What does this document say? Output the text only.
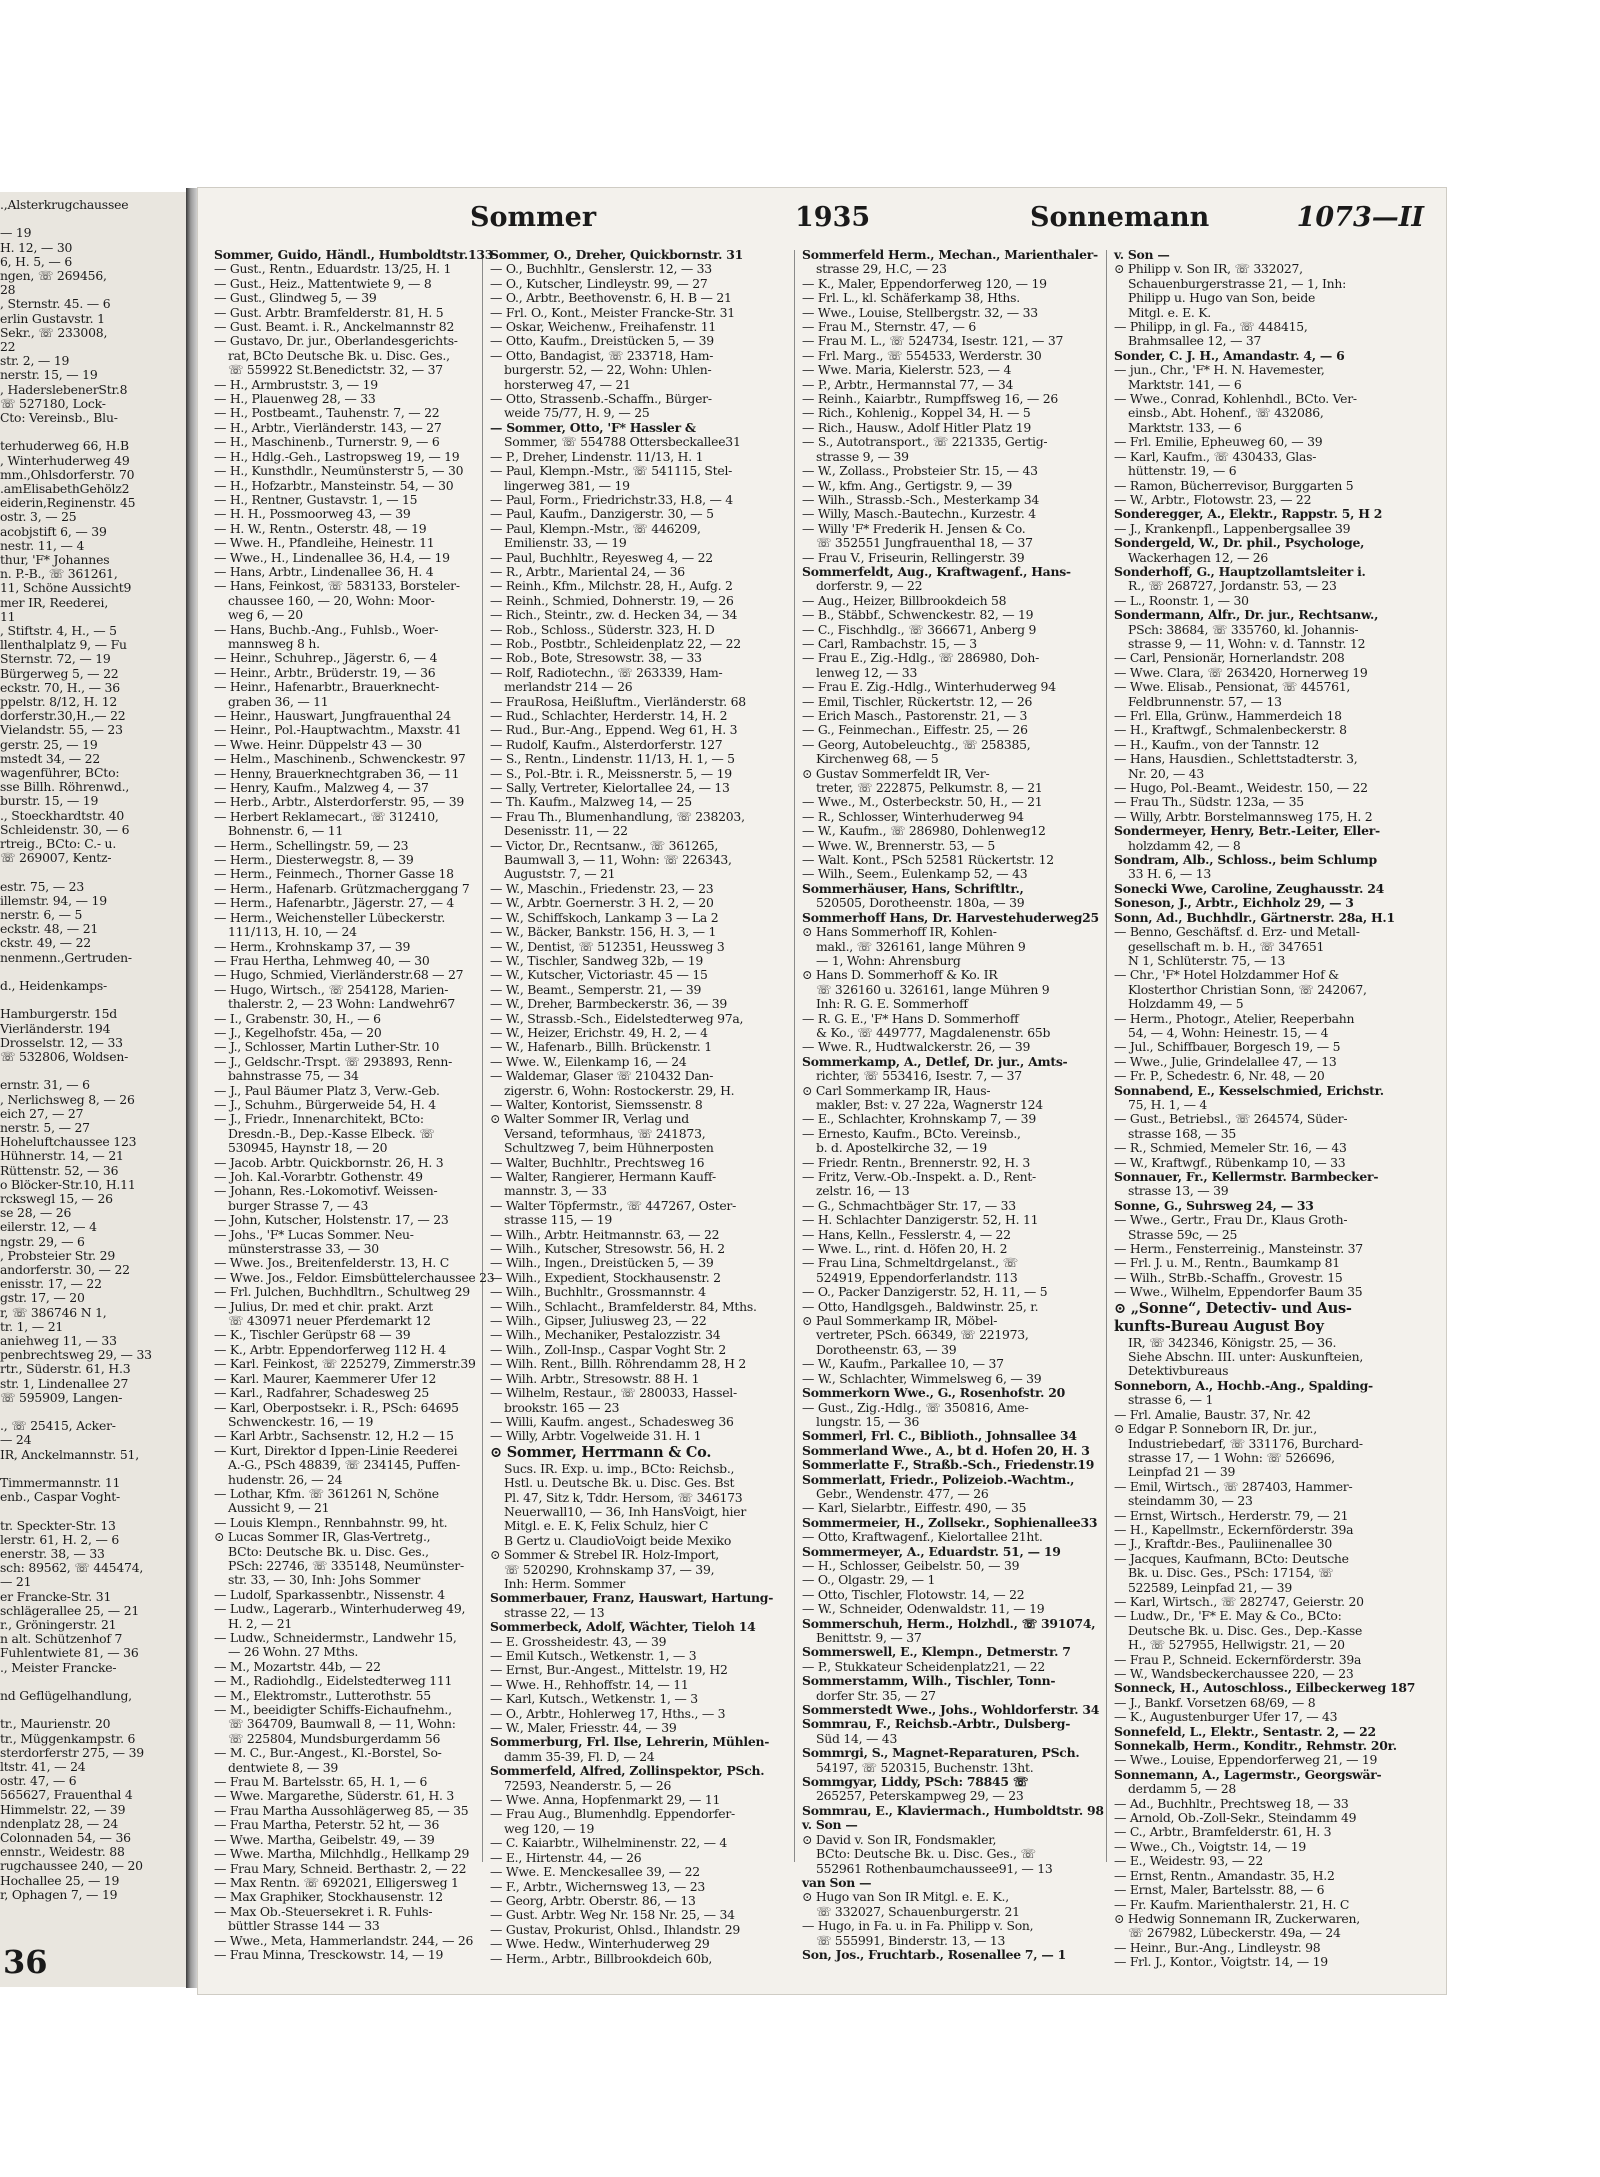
36
.,Alsterkrugchaussee
— 19
H. 12, — 30
6, H. 5, — 6
ngen, ☏ 269456,
28
, Sternstr. 45. — 6
erlin Gustavstr. 1
Sekr., ☏ 233008,
22
str. 2, — 19
nerstr. 15, — 19
, HaderslebenerStr.8
☏ 527180, Lock-
Cto: Vereinsb., Blu-
terhuderweg 66, H.B
, Winterhuderweg 49
mm.,Ohlsdorferstr. 70
.amElisabethGehölz2
eiderin,Reginenstr. 45
ostr. 3, — 25
acobjstift 6, — 39
nestr. 11, — 4
thur, 'F* Johannes
n. P.-B., ☏ 361261,
11, Schöne Aussicht9
mer IR, Reederei,
11
, Stiftstr. 4, H., — 5
llenthalplatz 9, — Fu
Sternstr. 72, — 19
Bürgerweg 5, — 22
eckstr. 70, H., — 36
ppelstr. 8/12, H. 12
dorferstr.30,H.,— 22
Vielandstr. 55, — 23
gerstr. 25, — 19
mstedt 34, — 22
wagenführer, BCto:
sse Billh. Röhrenwd.,
burstr. 15, — 19
., Stoeckhardtstr. 40
Schleidenstr. 30, — 6
rtreig., BCto: C.- u.
☏ 269007, Kentz-
estr. 75, — 23
illemstr. 94, — 19
nerstr. 6, — 5
eckstr. 48, — 21
ckstr. 49, — 22
nenmenn.,Gertruden-
d., Heidenkamps-
Hamburgerstr. 15d
Vierländerstr. 194
Drosselstr. 12, — 33
☏ 532806, Woldsen-
ernstr. 31, — 6
, Nerlichsweg 8, — 26
eich 27, — 27
nerstr. 5, — 27
Hoheluftchaussee 123
Hühnerstr. 14, — 21
Rüttenstr. 52, — 36
o Blöcker-Str.10, H.11
rckswegl 15, — 26
se 28, — 26
eilerstr. 12, — 4
ngstr. 29, — 6
, Probsteier Str. 29
andorferstr. 30, — 22
enisstr. 17, — 22
gstr. 17, — 20
r, ☏ 386746 N 1,
tr. 1, — 21
aniehweg 11, — 33
penbrechtsweg 29, — 33
rtr., Süderstr. 61, H.3
str. 1, Lindenallee 27
☏ 595909, Langen-
., ☏ 25415, Acker-
— 24
IR, Anckelmannstr. 51,
Timmermannstr. 11
enb., Caspar Voght-
tr. Speckter-Str. 13
lerstr. 61, H. 2, — 6
enerstr. 38, — 33
sch: 89562, ☏ 445474,
— 21
er Francke-Str. 31
schlägerallee 25, — 21
r., Gröningerstr. 21
n alt. Schützenhof 7
Fuhlentwiete 81, — 36
., Meister Francke-
nd Geflügelhandlung,
tr., Maurienstr. 20
tr., Müggenkampstr. 6
sterdorferstr 275, — 39
ltstr. 41, — 24
ostr. 47, — 6
565627, Frauenthal 4
Himmelstr. 22, — 39
ndenplatz 28, — 24
Colonnaden 54, — 36
ennstr., Weidestr. 88
rugchaussee 240, — 20
Hochallee 25, — 19
r, Ophagen 7, — 19
Sommer	1935	Sonnemann	1073—II
Sommer, Guido, Händl., Humboldtstr.133
— Gust., Rentn., Eduardstr. 13/25, H. 1
— Gust., Heiz., Mattentwiete 9, — 8
— Gust., Glindweg 5, — 39
— Gust. Arbtr. Bramfelderstr. 81, H. 5
— Gust. Beamt. i. R., Anckelmannstr 82
— Gustavo, Dr. jur., Oberlandesgerichts-
rat, BCto Deutsche Bk. u. Disc. Ges.,
☏ 559922 St.Benedictstr. 32, — 37
— H., Armbruststr. 3, — 19
— H., Plauenweg 28, — 33
— H., Postbeamt., Tauhenstr. 7, — 22
— H., Arbtr., Vierländerstr. 143, — 27
— H., Maschinenb., Turnerstr. 9, — 6
— H., Hdlg.-Geh., Lastropsweg 19, — 19
— H., Kunsthdlr., Neumünsterstr 5, — 30
— H., Hofzarbtr., Mansteinstr. 54, — 30
— H., Rentner, Gustavstr. 1, — 15
— H. H., Possmoorweg 43, — 39
— H. W., Rentn., Osterstr. 48, — 19
— Wwe. H., Pfandleihe, Heinestr. 11
— Wwe., H., Lindenallee 36, H.4, — 19
— Hans, Arbtr., Lindenallee 36, H. 4
— Hans, Feinkost, ☏ 583133, Borsteler-
chaussee 160, — 20, Wohn: Moor-
weg 6, — 20
— Hans, Buchb.-Ang., Fuhlsb., Woer-
mannsweg 8 h.
— Heinr., Schuhrep., Jägerstr. 6, — 4
— Heinr., Arbtr., Brüderstr. 19, — 36
— Heinr., Hafenarbtr., Brauerknecht-
graben 36, — 11
— Heinr., Hauswart, Jungfrauenthal 24
— Heinr., Pol.-Hauptwachtm., Maxstr. 41
— Wwe. Heinr. Düppelstr 43 — 30
— Helm., Maschinenb., Schwenckestr. 97
— Henny, Brauerknechtgraben 36, — 11
— Henry, Kaufm., Malzweg 4, — 37
— Herb., Arbtr., Alsterdorferstr. 95, — 39
— Herbert Reklamecart., ☏ 312410,
Bohnenstr. 6, — 11
— Herm., Schellingstr. 59, — 23
— Herm., Diesterwegstr. 8, — 39
— Herm., Feinmech., Thorner Gasse 18
— Herm., Hafenarb. Grützmacherggang 7
— Herm., Hafenarbtr., Jägerstr. 27, — 4
— Herm., Weichensteller Lübeckerstr.
111/113, H. 10, — 24
— Herm., Krohnskamp 37, — 39
— Frau Hertha, Lehmweg 40, — 30
— Hugo, Schmied, Vierländerstr.68 — 27
— Hugo, Wirtsch., ☏ 254128, Marien-
thalerstr. 2, — 23 Wohn: Landwehr67
— I., Grabenstr. 30, H., — 6
— J., Kegelhofstr. 45a, — 20
— J., Schlosser, Martin Luther-Str. 10
— J., Geldschr.-Trspt. ☏ 293893, Renn-
bahnstrasse 75, — 34
— J., Paul Bäumer Platz 3, Verw.-Geb.
— J., Schuhm., Bürgerweide 54, H. 4
— J., Friedr., Innenarchitekt, BCto:
Dresdn.-B., Dep.-Kasse Elbeck. ☏
530945, Haynstr 18, — 20
— Jacob. Arbtr. Quickbornstr. 26, H. 3
— Joh. Kal.-Vorarbtr. Gothenstr. 49
— Johann, Res.-Lokomotivf. Weissen-
burger Strasse 7, — 43
— John, Kutscher, Holstenstr. 17, — 23
— Johs., 'F* Lucas Sommer. Neu-
münsterstrasse 33, — 30
— Wwe. Jos., Breitenfelderstr. 13, H. C
— Wwe. Jos., Feldor. Eimsbüttelerchaussee 23
— Frl. Julchen, Buchhdltrn., Schultweg 29
— Julius, Dr. med et chir. prakt. Arzt
☏ 430971 neuer Pferdemarkt 12
— K., Tischler Gerüpstr 68 — 39
— K., Arbtr. Eppendorferweg 112 H. 4
— Karl. Feinkost, ☏ 225279, Zimmerstr.39
— Karl. Maurer, Kaemmerer Ufer 12
— Karl., Radfahrer, Schadesweg 25
— Karl, Oberpostsekr. i. R., PSch: 64695
Schwenckestr. 16, — 19
— Karl Arbtr., Sachsenstr. 12, H.2 — 15
— Kurt, Direktor d Ippen-Linie Reederei
A.-G., PSch 48839, ☏ 234145, Puffen-
hudenstr. 26, — 24
— Lothar, Kfm. ☏ 361261 N, Schöne
Aussicht 9, — 21
— Louis Klempn., Rennbahnstr. 99, ht.
⊙ Lucas Sommer IR, Glas-Vertretg.,
BCto: Deutsche Bk. u. Disc. Ges.,
PSch: 22746, ☏ 335148, Neumünster-
str. 33, — 30, Inh: Johs Sommer
— Ludolf, Sparkassenbtr., Nissenstr. 4
— Ludw., Lagerarb., Winterhuderweg 49,
H. 2, — 21
— Ludw., Schneidermstr., Landwehr 15,
— 26 Wohn. 27 Mths.
— M., Mozartstr. 44b, — 22
— M., Radiohdlg., Eidelstedterweg 111
— M., Elektromstr., Lutterothstr. 55
— M., beeidigter Schiffs-Eichaufnehm.,
☏ 364709, Baumwall 8, — 11, Wohn:
☏ 225804, Mundsburgerdamm 56
— M. C., Bur.-Angest., Kl.-Borstel, So-
dentwiete 8, — 39
— Frau M. Bartelsstr. 65, H. 1, — 6
— Wwe. Margarethe, Süderstr. 61, H. 3
— Frau Martha Aussohlägerweg 85, — 35
— Frau Martha, Peterstr. 52 ht, — 36
— Wwe. Martha, Geibelstr. 49, — 39
— Wwe. Martha, Milchhdlg., Hellkamp 29
— Frau Mary, Schneid. Berthastr. 2, — 22
— Max Rentn. ☏ 692021, Elligersweg 1
— Max Graphiker, Stockhausenstr. 12
— Max Ob.-Steuersekret i. R. Fuhls-
büttler Strasse 144 — 33
— Wwe., Meta, Hammerlandstr. 244, — 26
— Frau Minna, Tresckowstr. 14, — 19
Sommer, O., Dreher, Quickbornstr. 31
— O., Buchhltr., Genslerstr. 12, — 33
— O., Kutscher, Lindleystr. 99, — 27
— O., Arbtr., Beethovenstr. 6, H. B — 21
— Frl. O., Kont., Meister Francke-Str. 31
— Oskar, Weichenw., Freihafenstr. 11
— Otto, Kaufm., Dreistücken 5, — 39
— Otto, Bandagist, ☏ 233718, Ham-
burgerstr. 52, — 22, Wohn: Uhlen-
horsterweg 47, — 21
— Otto, Strassenb.-Schaffn., Bürger-
weide 75/77, H. 9, — 25
— Sommer, Otto, 'F* Hassler &
Sommer, ☏ 554788 Ottersbeckallee31
— P., Dreher, Lindenstr. 11/13, H. 1
— Paul, Klempn.-Mstr., ☏ 541115, Stel-
lingerweg 381, — 19
— Paul, Form., Friedrichstr.33, H.8, — 4
— Paul, Kaufm., Danzigerstr. 30, — 5
— Paul, Klempn.-Mstr., ☏ 446209,
Emilienstr. 33, — 19
— Paul, Buchhltr., Reyesweg 4, — 22
— R., Arbtr., Mariental 24, — 36
— Reinh., Kfm., Milchstr. 28, H., Aufg. 2
— Reinh., Schmied, Dohnerstr. 19, — 26
— Rich., Steintr., zw. d. Hecken 34, — 34
— Rob., Schloss., Süderstr. 323, H. D
— Rob., Postbtr., Schleidenplatz 22, — 22
— Rob., Bote, Stresowstr. 38, — 33
— Rolf, Radiotechn., ☏ 263339, Ham-
merlandstr 214 — 26
— FrauRosa, Heißluftm., Vierländerstr. 68
— Rud., Schlachter, Herderstr. 14, H. 2
— Rud., Bur.-Ang., Eppend. Weg 61, H. 3
— Rudolf, Kaufm., Alsterdorferstr. 127
— S., Rentn., Lindenstr. 11/13, H. 1, — 5
— S., Pol.-Btr. i. R., Meissnerstr. 5, — 19
— Sally, Vertreter, Kielortallee 24, — 13
— Th. Kaufm., Malzweg 14, — 25
— Frau Th., Blumenhandlung, ☏ 238203,
Desenisstr. 11, — 22
— Victor, Dr., Recntsanw., ☏ 361265,
Baumwall 3, — 11, Wohn: ☏ 226343,
Auguststr. 7, — 21
— W., Maschin., Friedenstr. 23, — 23
— W., Arbtr. Goernerstr. 3 H. 2, — 20
— W., Schiffskoch, Lankamp 3 — La 2
— W., Bäcker, Bankstr. 156, H. 3, — 1
— W., Dentist, ☏ 512351, Heussweg 3
— W., Tischler, Sandweg 32b, — 19
— W., Kutscher, Victoriastr. 45 — 15
— W., Beamt., Semperstr. 21, — 39
— W., Dreher, Barmbeckerstr. 36, — 39
— W., Strassb.-Sch., Eidelstedterweg 97a,
— W., Heizer, Erichstr. 49, H. 2, — 4
— W., Hafenarb., Billh. Brückenstr. 1
— Wwe. W., Eilenkamp 16, — 24
— Waldemar, Glaser ☏ 210432 Dan-
zigerstr. 6, Wohn: Rostockerstr. 29, H.
— Walter, Kontorist, Siemssenstr. 8
⊙ Walter Sommer IR, Verlag und
Versand, teformhaus, ☏ 241873,
Schultzweg 7, beim Hühnerposten
— Walter, Buchhltr., Prechtsweg 16
— Walter, Rangierer, Hermann Kauff-
mannstr. 3, — 33
— Walter Töpfermstr., ☏ 447267, Oster-
strasse 115, — 19
— Wilh., Arbtr. Heitmannstr. 63, — 22
— Wilh., Kutscher, Stresowstr. 56, H. 2
— Wilh., Ingen., Dreistücken 5, — 39
— Wilh., Expedient, Stockhausenstr. 2
— Wilh., Buchhltr., Grossmannstr. 4
— Wilh., Schlacht., Bramfelderstr. 84, Mths.
— Wilh., Gipser, Juliusweg 23, — 22
— Wilh., Mechaniker, Pestalozzistr. 34
— Wilh., Zoll-Insp., Caspar Voght Str. 2
— Wilh. Rent., Billh. Röhrendamm 28, H 2
— Wilh. Arbtr., Stresowstr. 88 H. 1
— Wilhelm, Restaur., ☏ 280033, Hassel-
brookstr. 165 — 23
— Willi, Kaufm. angest., Schadesweg 36
— Willy, Arbtr. Vogelweide 31. H. 1
⊙ Sommer, Herrmann & Co.
Sucs. IR. Exp. u. imp., BCto: Reichsb.,
Hstl. u. Deutsche Bk. u. Disc. Ges. Bst
Pl. 47, Sitz k, Tddr. Hersom, ☏ 346173
Neuerwall10, — 36, Inh HansVoigt, hier
Mitgl. e. E. K, Felix Schulz, hier C
B Gertz u. ClaudioVoigt beide Mexiko
⊙ Sommer & Strebel IR. Holz-Import,
☏ 520290, Krohnskamp 37, — 39,
Inh: Herm. Sommer
Sommerbauer, Franz, Hauswart, Hartung-
strasse 22, — 13
Sommerbeck, Adolf, Wächter, Tieloh 14
— E. Grossheidestr. 43, — 39
— Emil Kutsch., Wetkenstr. 1, — 3
— Ernst, Bur.-Angest., Mittelstr. 19, H2
— Wwe. H., Rehhoffstr. 14, — 11
— Karl, Kutsch., Wetkenstr. 1, — 3
— O., Arbtr., Hohlerweg 17, Hths., — 3
— W., Maler, Friesstr. 44, — 39
Sommerburg, Frl. Ilse, Lehrerin, Mühlen-
damm 35-39, Fl. D, — 24
Sommerfeld, Alfred, Zollinspektor, PSch.
72593, Neanderstr. 5, — 26
— Wwe. Anna, Hopfenmarkt 29, — 11
— Frau Aug., Blumenhdlg. Eppendorfer-
weg 120, — 19
— C. Kaiarbtr., Wilhelminenstr. 22, — 4
— E., Hirtenstr. 44, — 26
— Wwe. E. Menckesallee 39, — 22
— F., Arbtr., Wichernsweg 13, — 23
— Georg, Arbtr. Oberstr. 86, — 13
— Gust. Arbtr. Weg Nr. 158 Nr. 25, — 34
— Gustav, Prokurist, Ohlsd., Ihlandstr. 29
— Wwe. Hedw., Winterhuderweg 29
— Herm., Arbtr., Billbrookdeich 60b,
Sommerfeld Herm., Mechan., Marienthaler-
strasse 29, H.C, — 23
— K., Maler, Eppendorferweg 120, — 19
— Frl. L., kl. Schäferkamp 38, Hths.
— Wwe., Louise, Stellbergstr. 32, — 33
— Frau M., Sternstr. 47, — 6
— Frau M. L., ☏ 524734, Isestr. 121, — 37
— Frl. Marg., ☏ 554533, Werderstr. 30
— Wwe. Maria, Kielerstr. 523, — 4
— P., Arbtr., Hermannstal 77, — 34
— Reinh., Kaiarbtr., Rumpffsweg 16, — 26
— Rich., Kohlenig., Koppel 34, H. — 5
— Rich., Hausw., Adolf Hitler Platz 19
— S., Autotransport., ☏ 221335, Gertig-
strasse 9, — 39
— W., Zollass., Probsteier Str. 15, — 43
— W., kfm. Ang., Gertigstr. 9, — 39
— Wilh., Strassb.-Sch., Mesterkamp 34
— Willy, Masch.-Bautechn., Kurzestr. 4
— Willy 'F* Frederik H. Jensen & Co.
☏ 352551 Jungfrauenthal 18, — 37
— Frau V., Friseurin, Rellingerstr. 39
Sommerfeldt, Aug., Kraftwagenf., Hans-
dorferstr. 9, — 22
— Aug., Heizer, Billbrookdeich 58
— B., Stäbbf., Schwenckestr. 82, — 19
— C., Fischhdlg., ☏ 366671, Anberg 9
— Carl, Rambachstr. 15, — 3
— Frau E., Zig.-Hdlg., ☏ 286980, Doh-
lenweg 12, — 33
— Frau E. Zig.-Hdlg., Winterhuderweg 94
— Emil, Tischler, Rückertstr. 12, — 26
— Erich Masch., Pastorenstr. 21, — 3
— G., Feinmechan., Eiffestr. 25, — 26
— Georg, Autobeleuchtg., ☏ 258385,
Kirchenweg 68, — 5
⊙ Gustav Sommerfeldt IR, Ver-
treter, ☏ 222875, Pelkumstr. 8, — 21
— Wwe., M., Osterbeckstr. 50, H., — 21
— R., Schlosser, Winterhuderweg 94
— W., Kaufm., ☏ 286980, Dohlenweg12
— Wwe. W., Brennerstr. 53, — 5
— Walt. Kont., PSch 52581 Rückertstr. 12
— Wilh., Seem., Eulenkamp 52, — 43
Sommerhäuser, Hans, Schriftltr.,
520505, Dorotheenstr. 180a, — 39
Sommerhoff Hans, Dr. Harvestehuderweg25
⊙ Hans Sommerhoff IR, Kohlen-
makl., ☏ 326161, lange Mühren 9
— 1, Wohn: Ahrensburg
⊙ Hans D. Sommerhoff & Ko. IR
☏ 326160 u. 326161, lange Mühren 9
Inh: R. G. E. Sommerhoff
— R. G. E., 'F* Hans D. Sommerhoff
& Ko., ☏ 449777, Magdalenenstr. 65b
— Wwe. R., Hudtwalckerstr. 26, — 39
Sommerkamp, A., Detlef, Dr. jur., Amts-
richter, ☏ 553416, Isestr. 7, — 37
⊙ Carl Sommerkamp IR, Haus-
makler, Bst: v. 27 22a, Wagnerstr 124
— E., Schlachter, Krohnskamp 7, — 39
— Ernesto, Kaufm., BCto. Vereinsb.,
b. d. Apostelkirche 32, — 19
— Friedr. Rentn., Brennerstr. 92, H. 3
— Fritz, Verw.-Ob.-Inspekt. a. D., Rent-
zelstr. 16, — 13
— G., Schmachtbäger Str. 17, — 33
— H. Schlachter Danzigerstr. 52, H. 11
— Hans, Kelln., Fesslerstr. 4, — 22
— Wwe. L., rint. d. Höfen 20, H. 2
— Frau Lina, Schmeltdrgelanst., ☏
524919, Eppendorferlandstr. 113
— O., Packer Danzigerstr. 52, H. 11, — 5
— Otto, Handlgsgeh., Baldwinstr. 25, r.
⊙ Paul Sommerkamp IR, Möbel-
vertreter, PSch. 66349, ☏ 221973,
Dorotheenstr. 63, — 39
— W., Kaufm., Parkallee 10, — 37
— W., Schlachter, Wimmelsweg 6, — 39
Sommerkorn Wwe., G., Rosenhofstr. 20
— Gust., Zig.-Hdlg., ☏ 350816, Ame-
lungstr. 15, — 36
Sommerl, Frl. C., Biblioth., Johnsallee 34
Sommerland Wwe., A., bt d. Hofen 20, H. 3
Sommerlatte F., Straßb.-Sch., Friedenstr.19
Sommerlatt, Friedr., Polizeiob.-Wachtm.,
Gebr., Wendenstr. 477, — 26
— Karl, Sielarbtr., Eiffestr. 490, — 35
Sommermeier, H., Zollsekr., Sophienallee33
— Otto, Kraftwagenf., Kielortallee 21ht.
Sommermeyer, A., Eduardstr. 51, — 19
— H., Schlosser, Geibelstr. 50, — 39
— O., Olgastr. 29, — 1
— Otto, Tischler, Flotowstr. 14, — 22
— W., Schneider, Odenwaldstr. 11, — 19
Sommerschuh, Herm., Holzhdl., ☏ 391074,
Benittstr. 9, — 37
Sommerswell, E., Klempn., Detmerstr. 7
— P., Stukkateur Scheidenplatz21, — 22
Sommerstamm, Wilh., Tischler, Tonn-
dorfer Str. 35, — 27
Sommerstedt Wwe., Johs., Wohldorferstr. 34
Sommrau, F., Reichsb.-Arbtr., Dulsberg-
Süd 14, — 43
Sommrgi, S., Magnet-Reparaturen, PSch.
54197, ☏ 520315, Buchenstr. 13ht.
Sommgyar, Liddy, PSch: 78845 ☏
265257, Peterskampweg 29, — 23
Sommrau, E., Klaviermach., Humboldtstr. 98
v. Son —
⊙ David v. Son IR, Fondsmakler,
BCto: Deutsche Bk. u. Disc. Ges., ☏
552961 Rothenbaumchaussee91, — 13
van Son —
⊙ Hugo van Son IR Mitgl. e. E. K.,
☏ 332027, Schauenburgerstr. 21
— Hugo, in Fa. u. in Fa. Philipp v. Son,
☏ 555991, Binderstr. 13, — 13
Son, Jos., Fruchtarb., Rosenallee 7, — 1
v. Son —
⊙ Philipp v. Son IR, ☏ 332027,
Schauenburgerstrasse 21, — 1, Inh:
Philipp u. Hugo van Son, beide
Mitgl. e. E. K.
— Philipp, in gl. Fa., ☏ 448415,
Brahmsallee 12, — 37
Sonder, C. J. H., Amandastr. 4, — 6
— jun., Chr., 'F* H. N. Havemester,
Marktstr. 141, — 6
— Wwe., Conrad, Kohlenhdl., BCto. Ver-
einsb., Abt. Hohenf., ☏ 432086,
Marktstr. 133, — 6
— Frl. Emilie, Epheuweg 60, — 39
— Karl, Kaufm., ☏ 430433, Glas-
hüttenstr. 19, — 6
— Ramon, Bücherrevisor, Burggarten 5
— W., Arbtr., Flotowstr. 23, — 22
Sonderegger, A., Elektr., Rappstr. 5, H 2
— J., Krankenpfl., Lappenbergsallee 39
Sondergeld, W., Dr. phil., Psychologe,
Wackerhagen 12, — 26
Sonderhoff, G., Hauptzollamtsleiter i.
R., ☏ 268727, Jordanstr. 53, — 23
— L., Roonstr. 1, — 30
Sondermann, Alfr., Dr. jur., Rechtsanw.,
PSch: 38684, ☏ 335760, kl. Johannis-
strasse 9, — 11, Wohn: v. d. Tannstr. 12
— Carl, Pensionär, Hornerlandstr. 208
— Wwe. Clara, ☏ 263420, Hornerweg 19
— Wwe. Elisab., Pensionat, ☏ 445761,
Feldbrunnenstr. 57, — 13
— Frl. Ella, Grünw., Hammerdeich 18
— H., Kraftwgf., Schmalenbeckerstr. 8
— H., Kaufm., von der Tannstr. 12
— Hans, Hausdien., Schlettstadterstr. 3,
Nr. 20, — 43
— Hugo, Pol.-Beamt., Weidestr. 150, — 22
— Frau Th., Südstr. 123a, — 35
— Willy, Arbtr. Borstelmannsweg 175, H. 2
Sondermeyer, Henry, Betr.-Leiter, Eller-
holzdamm 42, — 8
Sondram, Alb., Schloss., beim Schlump
33 H. 6, — 13
Sonecki Wwe, Caroline, Zeughausstr. 24
Soneson, J., Arbtr., Eichholz 29, — 3
Sonn, Ad., Buchhdlr., Gärtnerstr. 28a, H.1
— Benno, Geschäftsf. d. Erz- und Metall-
gesellschaft m. b. H., ☏ 347651
N 1, Schlüterstr. 75, — 13
— Chr., 'F* Hotel Holzdammer Hof &
Klosterthor Christian Sonn, ☏ 242067,
Holzdamm 49, — 5
— Herm., Photogr., Atelier, Reeperbahn
54, — 4, Wohn: Heinestr. 15, — 4
— Jul., Schiffbauer, Borgesch 19, — 5
— Wwe., Julie, Grindelallee 47, — 13
— Fr. P., Schedestr. 6, Nr. 48, — 20
Sonnabend, E., Kesselschmied, Erichstr.
75, H. 1, — 4
— Gust., Betriebsl., ☏ 264574, Süder-
strasse 168, — 35
— R., Schmied, Memeler Str. 16, — 43
— W., Kraftwgf., Rübenkamp 10, — 33
Sonnauer, Fr., Kellermstr. Barmbecker-
strasse 13, — 39
Sonne, G., Suhrsweg 24, — 33
— Wwe., Gertr., Frau Dr., Klaus Groth-
Strasse 59c, — 25
— Herm., Fensterreinig., Mansteinstr. 37
— Frl. J. u. M., Rentn., Baumkamp 81
— Wilh., StrBb.-Schaffn., Grovestr. 15
— Wwe., Wilhelm, Eppendorfer Baum 35
⊙ „Sonne“, Detectiv- und Aus-
kunfts-Bureau August Boy
IR, ☏ 342346, Königstr. 25, — 36.
Siehe Abschn. III. unter: Auskunfteien,
Detektivbureaus
Sonneborn, A., Hochb.-Ang., Spalding-
strasse 6, — 1
— Frl. Amalie, Baustr. 37, Nr. 42
⊙ Edgar P. Sonneborn IR, Dr. jur.,
Industriebedarf, ☏ 331176, Burchard-
strasse 17, — 1 Wohn: ☏ 526696,
Leinpfad 21 — 39
— Emil, Wirtsch., ☏ 287403, Hammer-
steindamm 30, — 23
— Ernst, Wirtsch., Herderstr. 79, — 21
— H., Kapellmstr., Eckernförderstr. 39a
— J., Kraftdr.-Bes., Pauliinenallee 30
— Jacques, Kaufmann, BCto: Deutsche
Bk. u. Disc. Ges., PSch: 17154, ☏
522589, Leinpfad 21, — 39
— Karl, Wirtsch., ☏ 282747, Geierstr. 20
— Ludw., Dr., 'F* E. May & Co., BCto:
Deutsche Bk. u. Disc. Ges., Dep.-Kasse
H., ☏ 527955, Hellwigstr. 21, — 20
— Frau P., Schneid. Eckernförderstr. 39a
— W., Wandsbeckerchaussee 220, — 23
Sonneck, H., Autoschloss., Eilbeckerweg 187
— J., Bankf. Vorsetzen 68/69, — 8
— K., Augustenburger Ufer 17, — 43
Sonnefeld, L., Elektr., Sentastr. 2, — 22
Sonnekalb, Herm., Konditr., Rehmstr. 20r.
— Wwe., Louise, Eppendorferweg 21, — 19
Sonnemann, A., Lagermstr., Georgswär-
derdamm 5, — 28
— Ad., Buchhltr., Prechtsweg 18, — 33
— Arnold, Ob.-Zoll-Sekr., Steindamm 49
— C., Arbtr., Bramfelderstr. 61, H. 3
— Wwe., Ch., Voigtstr. 14, — 19
— E., Weidestr. 93, — 22
— Ernst, Rentn., Amandastr. 35, H.2
— Ernst, Maler, Bartelsstr. 88, — 6
— Fr. Kaufm. Marienthalerstr. 21, H. C
⊙ Hedwig Sonnemann IR, Zuckerwaren,
☏ 267982, Lübeckerstr. 49a, — 24
— Heinr., Bur.-Ang., Lindleystr. 98
— Frl. J., Kontor., Voigtstr. 14, — 19
